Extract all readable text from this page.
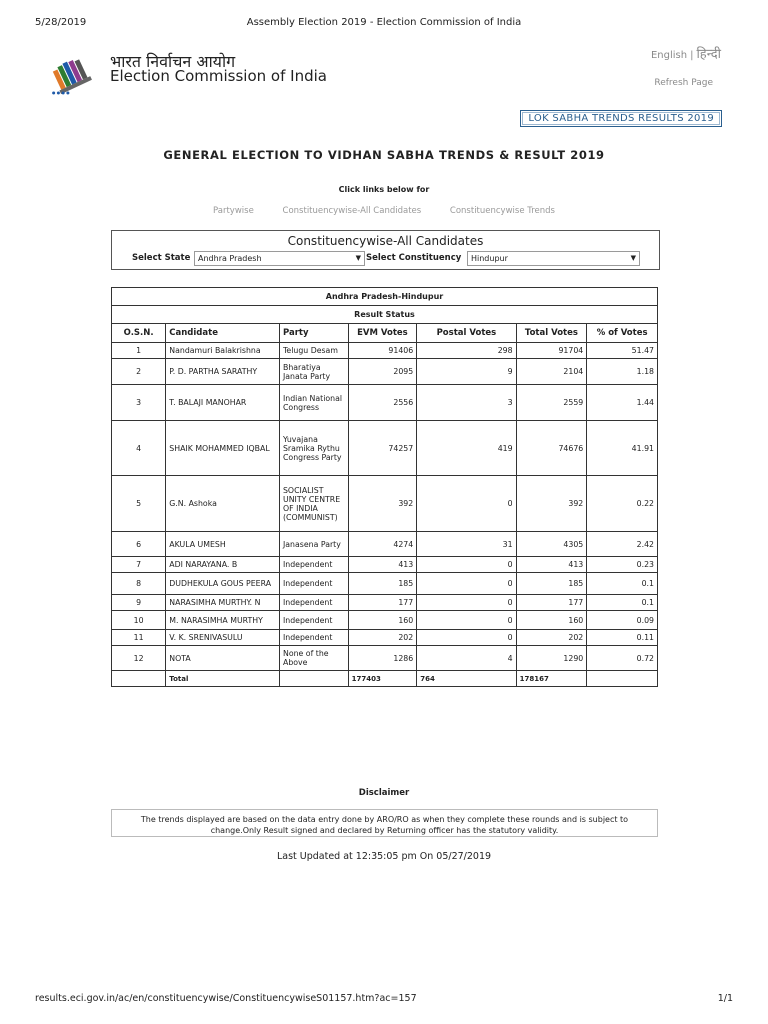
5/28/2019	Assembly Election 2019 - Election Commission of India
● ● ● ●
भारत निर्वाचन आयोग
Election Commission of India
English | हिन्दी
Refresh Page
LOK SABHA TRENDS RESULTS 2019
GENERAL ELECTION TO VIDHAN SABHA TRENDS & RESULT 2019
Click links below for
Partywise	Constituencywise-All Candidates	Constituencywise Trends
Constituencywise-All Candidates
Select State Andhra Pradesh	▼ Select Constituency	Hindupur	▼
Andhra Pradesh-Hindupur						
Result Status						
O.S.N.	Candidate	Party	EVM Votes	Postal Votes	Total Votes	% of Votes
1	Nandamuri Balakrishna	Telugu Desam	91406	298	91704	51.47
2	P. D. PARTHA SARATHY	Bharatiya Janata Party	2095	9	2104	1.18
3	T. BALAJI MANOHAR	Indian National Congress	2556	3	2559	1.44
4	SHAIK MOHAMMED IQBAL	Yuvajana Sramika Rythu Congress Party	74257	419	74676	41.91
5	G.N. Ashoka	SOCIALIST UNITY CENTRE OF INDIA (COMMUNIST)	392	0	392	0.22
6	AKULA UMESH	Janasena Party	4274	31	4305	2.42
7	ADI NARAYANA. B	Independent	413	0	413	0.23
8	DUDHEKULA GOUS PEERA	Independent	185	0	185	0.1
9	NARASIMHA MURTHY. N	Independent	177	0	177	0.1
10	M. NARASIMHA MURTHY	Independent	160	0	160	0.09
11	V. K. SRENIVASULU	Independent	202	0	202	0.11
12	NOTA	None of the Above	1286	4	1290	0.72
	Total		177403	764	178167	
Disclaimer
The trends displayed are based on the data entry done by ARO/RO as when they complete these rounds and is subject to change.Only Result signed and declared by Returning officer has the statutory validity.
Last Updated at 12:35:05 pm On 05/27/2019
results.eci.gov.in/ac/en/constituencywise/ConstituencywiseS01157.htm?ac=157	1/1
